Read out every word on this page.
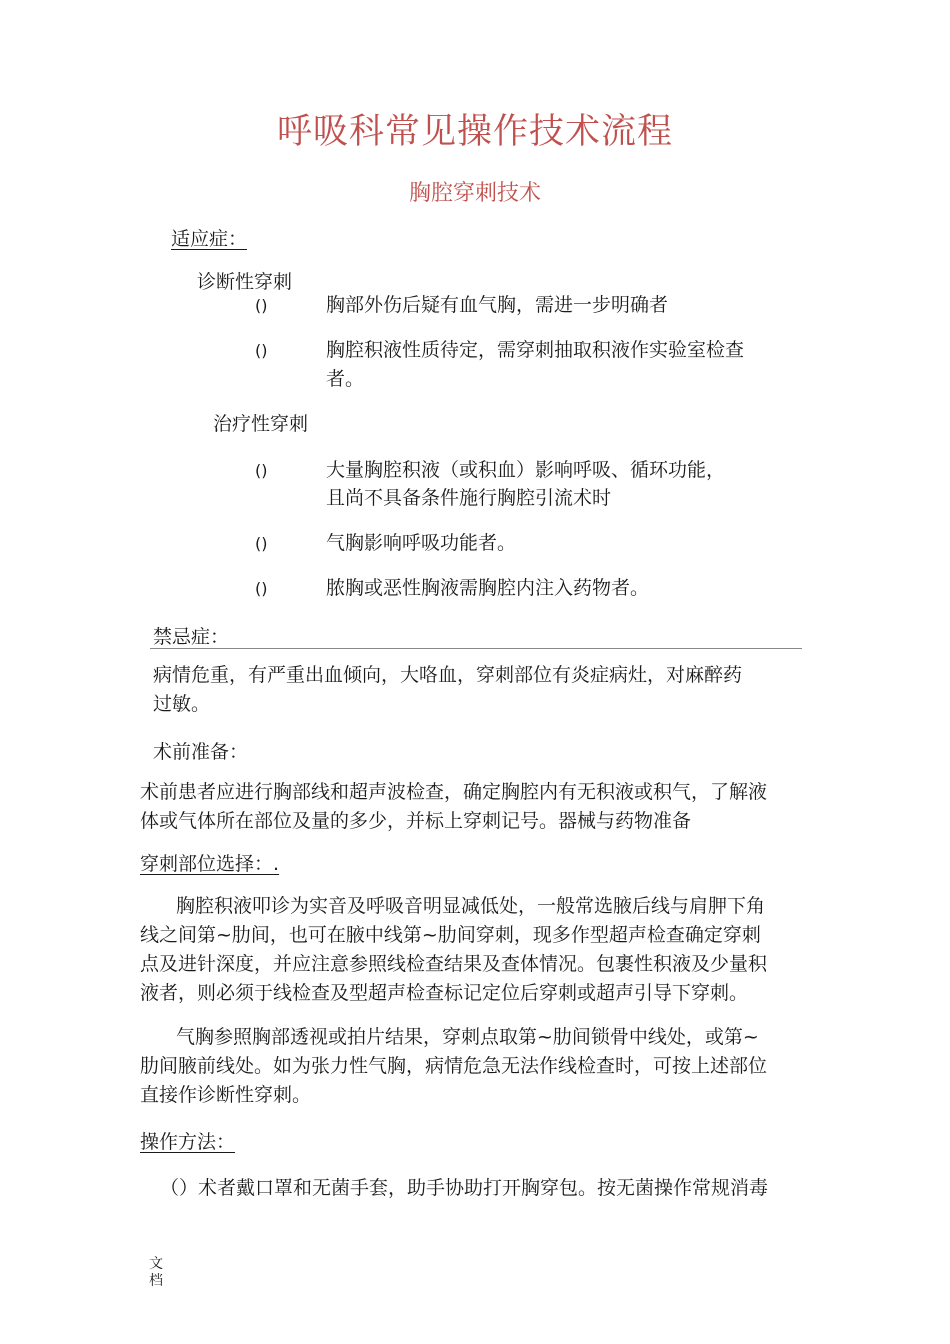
呼吸科常见操作技术流程
胸腔穿刺技术
适应症：
诊断性穿刺
()	胸部外伤后疑有血气胸，需进一步明确者
()	胸腔积液性质待定，需穿刺抽取积液作实验室检查
者。
治疗性穿刺
()	大量胸腔积液（或积血）影响呼吸、循环功能，
且尚不具备条件施行胸腔引流术时
()	气胸影响呼吸功能者。
()	脓胸或恶性胸液需胸腔内注入药物者。
禁忌症：
病情危重，有严重出血倾向，大咯血，穿刺部位有炎症病灶，对麻醉药
过敏。
术前准备：
术前患者应进行胸部线和超声波检查，确定胸腔内有无积液或积气，了解液
体或气体所在部位及量的多少，并标上穿刺记号。器械与药物准备
穿刺部位选择：.
胸腔积液叩诊为实音及呼吸音明显减低处，一般常选腋后线与肩胛下角
线之间第~肋间，也可在腋中线第~肋间穿刺，现多作型超声检查确定穿刺
点及进针深度，并应注意参照线检查结果及查体情况。包裹性积液及少量积
液者，则必须于线检查及型超声检查标记定位后穿刺或超声引导下穿刺。
气胸参照胸部透视或拍片结果，穿刺点取第~肋间锁骨中线处，或第~
肋间腋前线处。如为张力性气胸，病情危急无法作线检查时，可按上述部位
直接作诊断性穿刺。
操作方法：
（）术者戴口罩和无菌手套，助手协助打开胸穿包。按无菌操作常规消毒
文档
